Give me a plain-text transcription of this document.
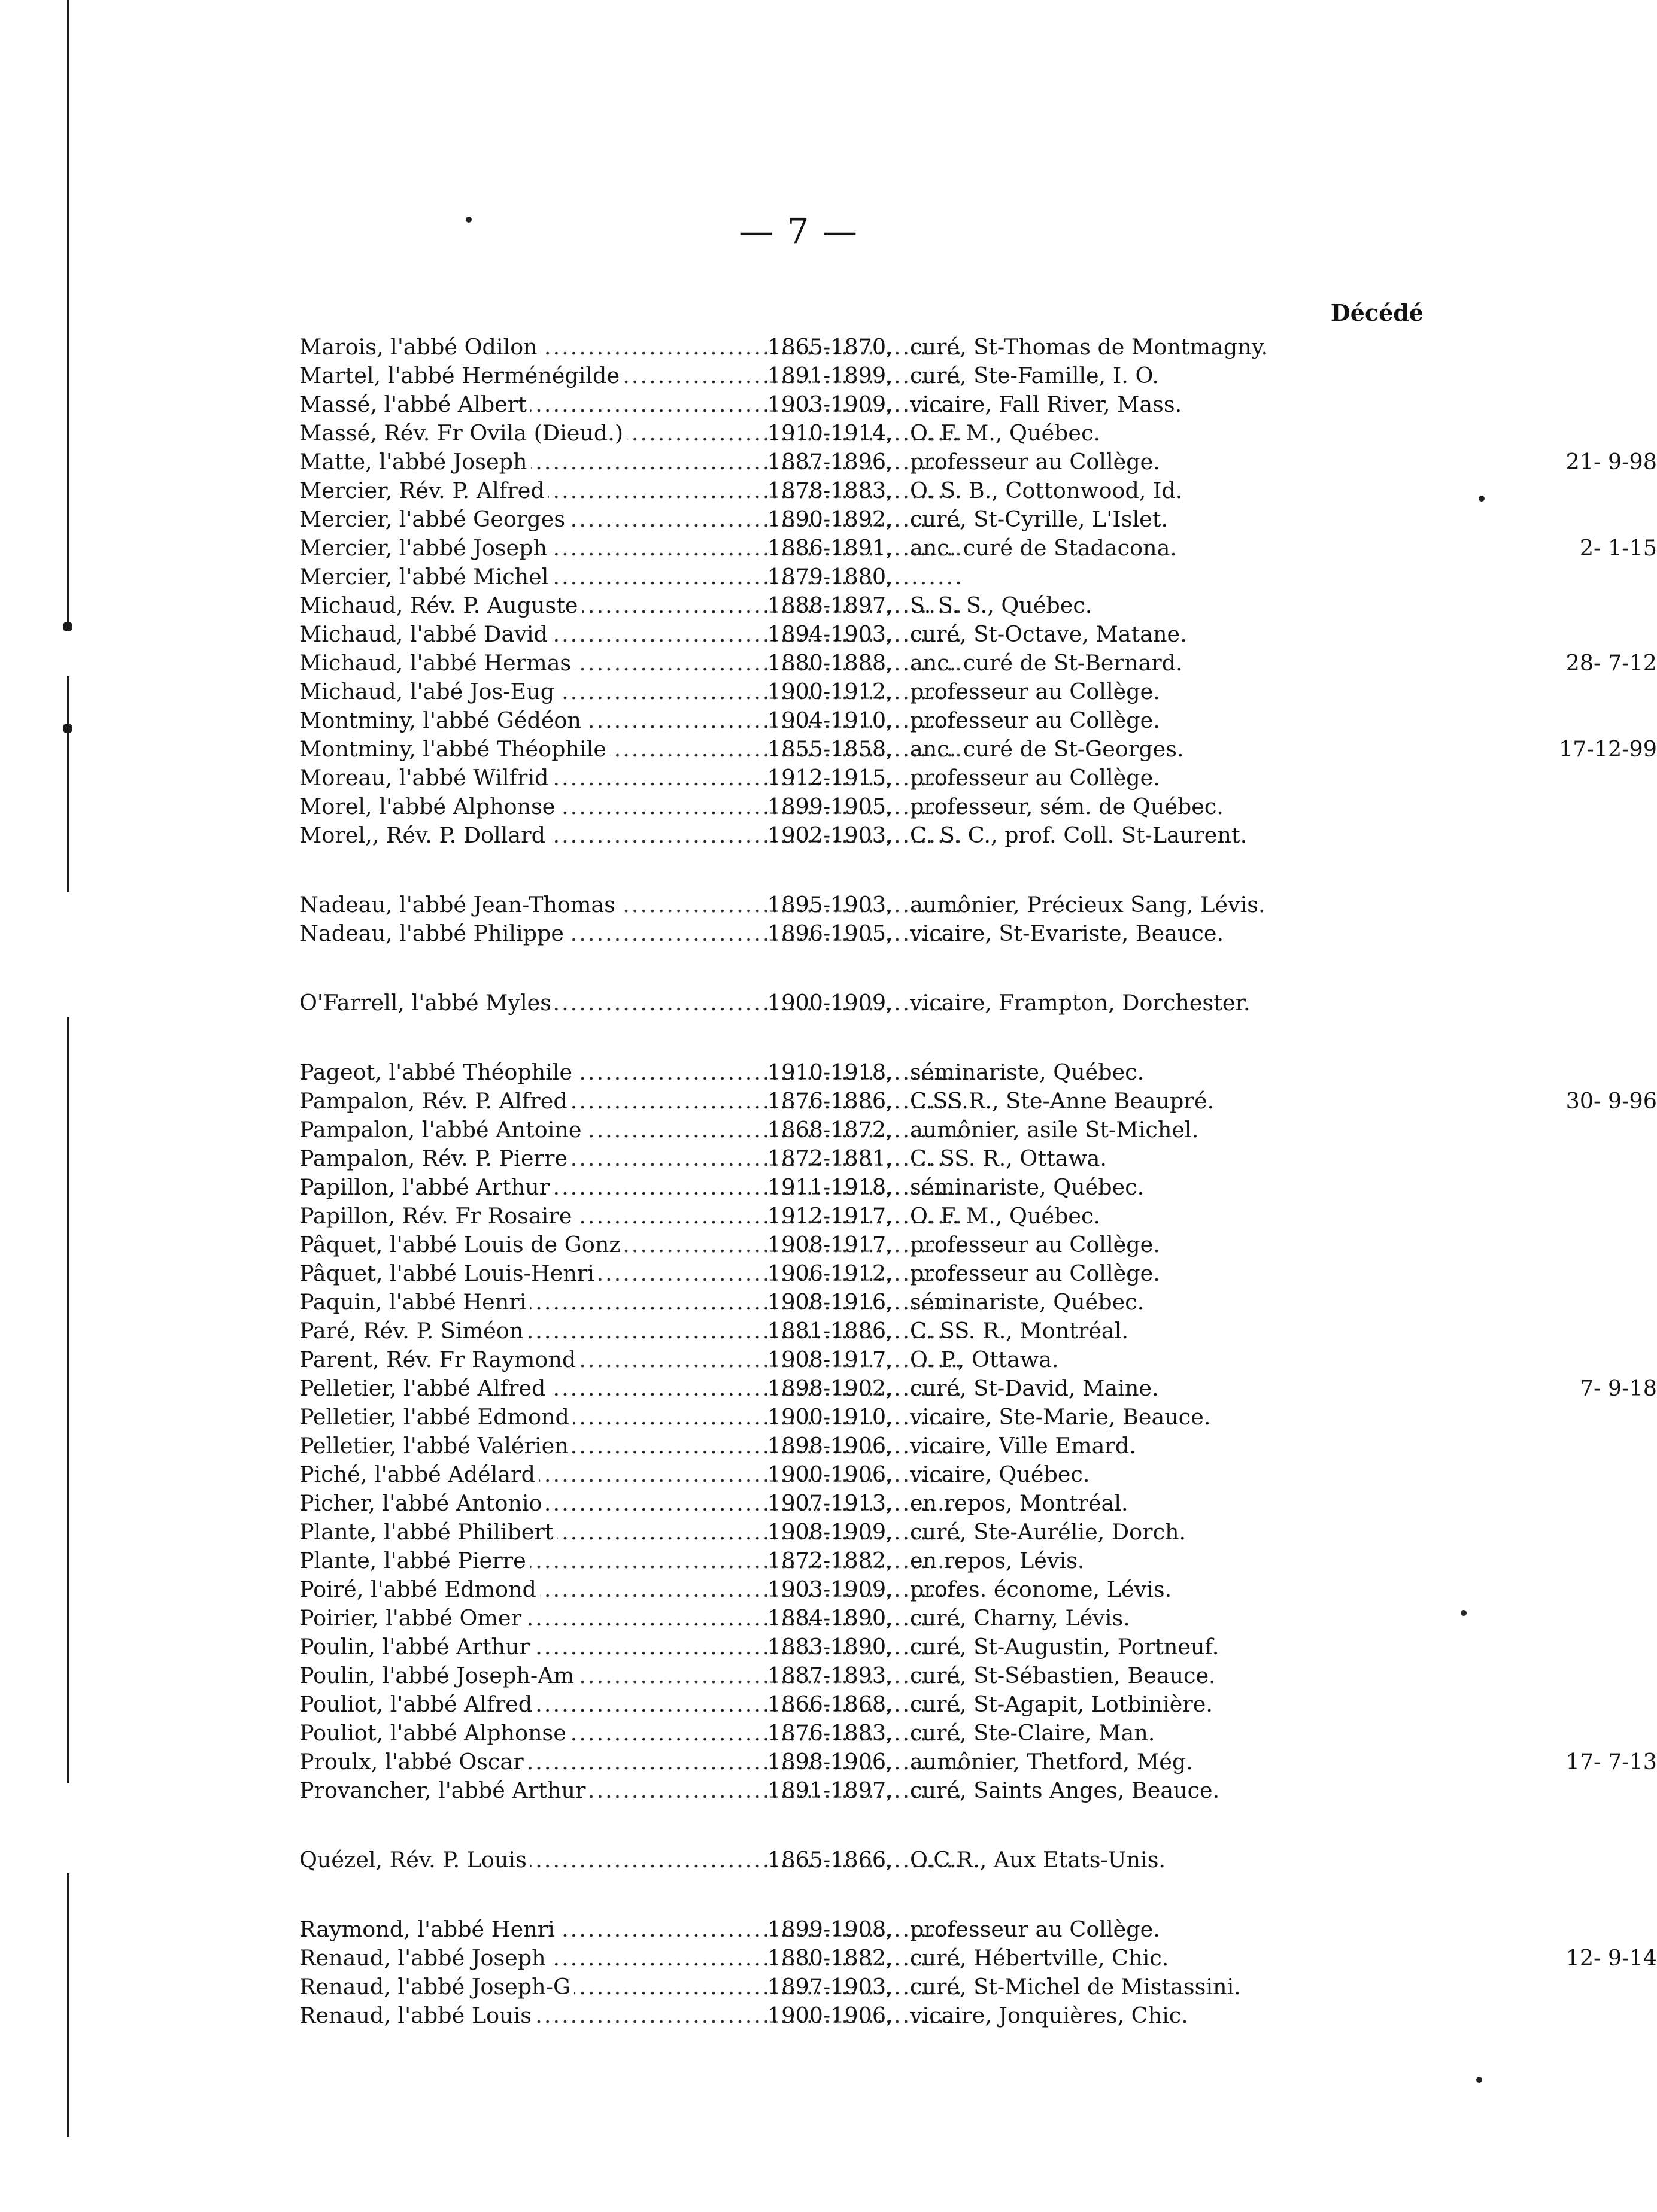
— 7 —
Décédé
Marois, l'abbé Odilon .....	1865-1870, curé, St-Thomas de Montmagny.
Martel, l'abbé Herménégilde .....	1891-1899, curé, Ste-Famille, I. O.
Massé, l'abbé Albert .....	1903-1909, vicaire, Fall River, Mass.
Massé, Rév. Fr Ovila (Dieud.) .....	1910-1914, O. F. M., Québec.
Matte, l'abbé Joseph .....	1887-1896, professeur au Collège.	21- 9-98
Mercier, Rév. P. Alfred .....	1878-1883, O. S. B., Cottonwood, Id.
Mercier, l'abbé Georges .....	1890-1892, curé, St-Cyrille, L'Islet.
Mercier, l'abbé Joseph .....	1886-1891, anc. curé de Stadacona.	2- 1-15
Mercier, l'abbé Michel .....	1879-1880,
Michaud, Rév. P. Auguste .....	1888-1897, S. S. S., Québec.
Michaud, l'abbé David .....	1894-1903, curé, St-Octave, Matane.
Michaud, l'abbé Hermas .....	1880-1888, anc. curé de St-Bernard.	28- 7-12
Michaud, l'abé Jos-Eug .....	1900-1912, professeur au Collège.
Montminy, l'abbé Gédéon .....	1904-1910, professeur au Collège.
Montminy, l'abbé Théophile .....	1855-1858, anc. curé de St-Georges.	17-12-99
Moreau, l'abbé Wilfrid .....	1912-1915, professeur au Collège.
Morel, l'abbé Alphonse .....	1899-1905, professeur, sém. de Québec.
Morel,, Rév. P. Dollard .....	1902-1903, C. S. C., prof. Coll. St-Laurent.
Nadeau, l'abbé Jean-Thomas .....	1895-1903, aumônier, Précieux Sang, Lévis.
Nadeau, l'abbé Philippe .....	1896-1905, vicaire, St-Evariste, Beauce.
O'Farrell, l'abbé Myles .....	1900-1909, vicaire, Frampton, Dorchester.
Pageot, l'abbé Théophile .....	1910-1918, séminariste, Québec.
Pampalon, Rév. P. Alfred .....	1876-1886, C.SS.R., Ste-Anne Beaupré.	30- 9-96
Pampalon, l'abbé Antoine .....	1868-1872, aumônier, asile St-Michel.
Pampalon, Rév. P. Pierre .....	1872-1881, C. SS. R., Ottawa.
Papillon, l'abbé Arthur .....	1911-1918, séminariste, Québec.
Papillon, Rév. Fr Rosaire .....	1912-1917, O. F. M., Québec.
Pâquet, l'abbé Louis de Gonz .....	1908-1917, professeur au Collège.
Pâquet, l'abbé Louis-Henri .....	1906-1912, professeur au Collège.
Paquin, l'abbé Henri .....	1908-1916, séminariste, Québec.
Paré, Rév. P. Siméon .....	1881-1886, C. SS. R., Montréal.
Parent, Rév. Fr Raymond .....	1908-1917, O. P., Ottawa.
Pelletier, l'abbé Alfred .....	1898-1902, curé, St-David, Maine.	7- 9-18
Pelletier, l'abbé Edmond .....	1900-1910, vicaire, Ste-Marie, Beauce.
Pelletier, l'abbé Valérien .....	1898-1906, vicaire, Ville Emard.
Piché, l'abbé Adélard .....	1900-1906, vicaire, Québec.
Picher, l'abbé Antonio .....	1907-1913, en repos, Montréal.
Plante, l'abbé Philibert .....	1908-1909, curé, Ste-Aurélie, Dorch.
Plante, l'abbé Pierre .....	1872-1882, en repos, Lévis.
Poiré, l'abbé Edmond .....	1903-1909, profes. économe, Lévis.
Poirier, l'abbé Omer .....	1884-1890, curé, Charny, Lévis.
Poulin, l'abbé Arthur .....	1883-1890, curé, St-Augustin, Portneuf.
Poulin, l'abbé Joseph-Am .....	1887-1893, curé, St-Sébastien, Beauce.
Pouliot, l'abbé Alfred .....	1866-1868, curé, St-Agapit, Lotbinière.
Pouliot, l'abbé Alphonse .....	1876-1883, curé, Ste-Claire, Man.
Proulx, l'abbé Oscar .....	1898-1906, aumônier, Thetford, Még.	17- 7-13
Provancher, l'abbé Arthur .....	1891-1897, curé, Saints Anges, Beauce.
Quézel, Rév. P. Louis .....	1865-1866, O.C.R., Aux Etats-Unis.
Raymond, l'abbé Henri .....	1899-1908, professeur au Collège.
Renaud, l'abbé Joseph .....	1880-1882, curé, Hébertville, Chic.	12- 9-14
Renaud, l'abbé Joseph-G .....	1897-1903, curé, St-Michel de Mistassini.
Renaud, l'abbé Louis .....	1900-1906, vicaire, Jonquières, Chic.
